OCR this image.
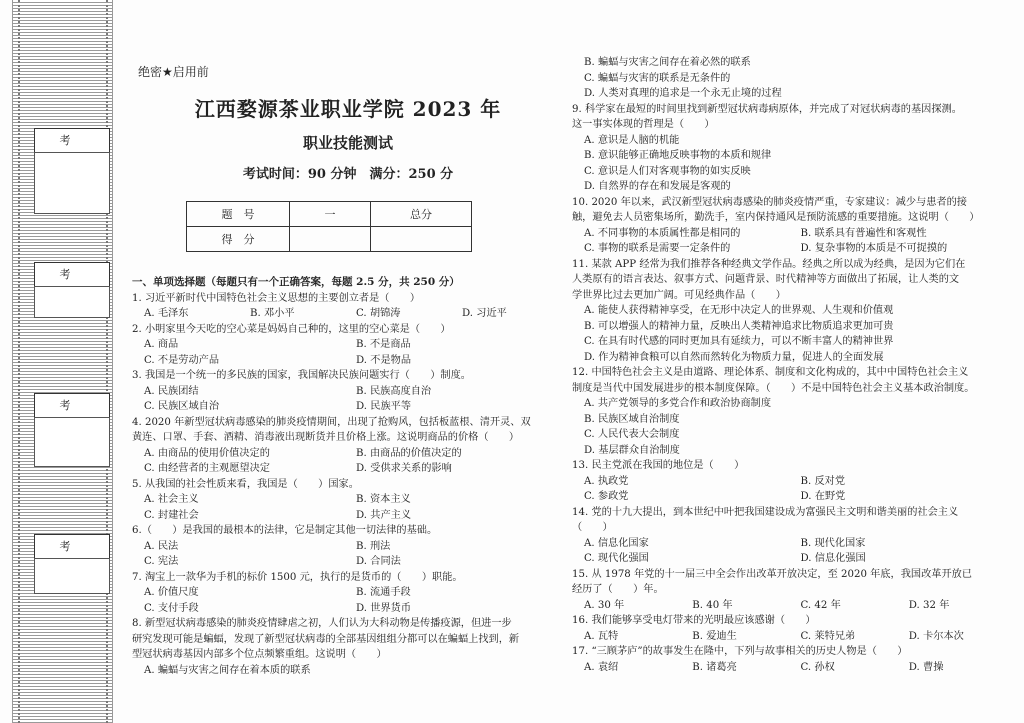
考　
考　
考　
考　
绝密★启用前
江西婺源茶业职业学院 2023 年
职业技能测试
考试时间：90 分钟　满分：250 分
题　号	一	总分
得　分		
一、单项选择题（每题只有一个正确答案，每题 2.5 分，共 250 分）
1. 习近平新时代中国特色社会主义思想的主要创立者是（　　）
A. 毛泽东	B. 邓小平	C. 胡锦涛	D. 习近平
2. 小明家里今天吃的空心菜是妈妈自己种的，这里的空心菜是（　　）
A. 商品	B. 不是商品
C. 不是劳动产品	D. 不是物品
3. 我国是一个统一的多民族的国家，我国解决民族问题实行（　　）制度。
A. 民族团结	B. 民族高度自治
C. 民族区域自治	D. 民族平等
4. 2020 年新型冠状病毒感染的肺炎疫情期间，出现了抢购风，包括板蓝根、清开灵、双
黄连、口罩、手套、酒精、消毒液出现断货并且价格上涨。这说明商品的价格（　　）
A. 由商品的使用价值决定的	B. 由商品的价值决定的
C. 由经营者的主观愿望决定	D. 受供求关系的影响
5. 从我国的社会性质来看，我国是（　　）国家。
A. 社会主义	B. 资本主义
C. 封建社会	D. 共产主义
6.（　　）是我国的最根本的法律，它是制定其他一切法律的基础。
A. 民法	B. 刑法
C. 宪法	D. 合同法
7. 淘宝上一款华为手机的标价 1500 元，执行的是货币的（　　）职能。
A. 价值尺度	B. 流通手段
C. 支付手段	D. 世界货币
8. 新型冠状病毒感染的肺炎疫情肆虐之初，人们认为大科动物是传播疫源，但进一步
研究发现可能是蝙蝠，发现了新型冠状病毒的全部基因组组分都可以在蝙蝠上找到，新
型冠状病毒基因内部多个位点频繁重组。这说明（　　）
A. 蝙蝠与灾害之间存在着本质的联系
B. 蝙蝠与灾害之间存在着必然的联系
C. 蝙蝠与灾害的联系是无条件的
D. 人类对真理的追求是一个永无止境的过程
9. 科学家在最短的时间里找到新型冠状病毒病原体，并完成了对冠状病毒的基因探测。
这一事实体现的哲理是（　　）
A. 意识是人脑的机能
B. 意识能够正确地反映事物的本质和规律
C. 意识是人们对客观事物的如实反映
D. 自然界的存在和发展是客观的
10. 2020 年以来，武汉新型冠状病毒感染的肺炎疫情严重，专家建议：减少与患者的接
触，避免去人员密集场所，勤洗手，室内保持通风是预防流感的重要措施。这说明（　　）
A. 不同事物的本质属性都是相同的	B. 联系具有普遍性和客观性
C. 事物的联系是需要一定条件的	D. 复杂事物的本质是不可捉摸的
11. 某款 APP 经常为我们推荐各种经典文学作品。经典之所以成为经典，是因为它们在
人类原有的语言表达、叙事方式、问题背景、时代精神等方面做出了拓展，让人类的文
学世界比过去更加广阔。可见经典作品（　　）
A. 能使人获得精神享受，在无形中决定人的世界观、人生观和价值观
B. 可以增强人的精神力量，反映出人类精神追求比物质追求更加可贵
C. 在具有时代感的同时更加具有延续力，可以不断丰富人的精神世界
D. 作为精神食粮可以自然而然转化为物质力量，促进人的全面发展
12. 中国特色社会主义是由道路、理论体系、制度和文化构成的，其中中国特色社会主义
制度是当代中国发展进步的根本制度保障。（　　）不是中国特色社会主义基本政治制度。
A. 共产党领导的多党合作和政治协商制度
B. 民族区域自治制度
C. 人民代表大会制度
D. 基层群众自治制度
13. 民主党派在我国的地位是（　　）
A. 执政党	B. 反对党
C. 参政党	D. 在野党
14. 党的十九大提出，到本世纪中叶把我国建设成为富强民主文明和谐美丽的社会主义
（　　）
A. 信息化国家	B. 现代化国家
C. 现代化强国	D. 信息化强国
15. 从 1978 年党的十一届三中全会作出改革开放决定，至 2020 年底，我国改革开放已
经历了（　　）年。
A. 30 年	B. 40 年	C. 42 年	D. 32 年
16. 我们能够享受电灯带来的光明最应该感谢（　　）
A. 瓦特	B. 爱迪生	C. 莱特兄弟	D. 卡尔本次
17. “三顾茅庐”的故事发生在隆中，下列与故事相关的历史人物是（　　）
A. 袁绍	B. 诸葛亮	C. 孙权	D. 曹操
